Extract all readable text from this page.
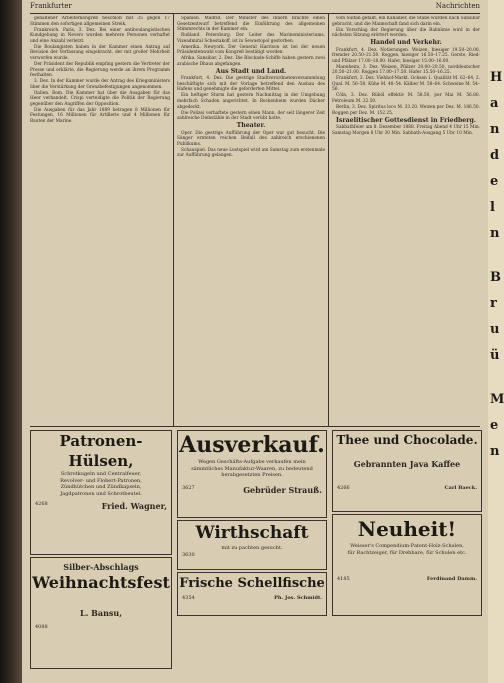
Frankfurter	Nachrichten

gehaltener Arbeiterkongreß beschloß mit 35 gegen 17 Stimmen den sofortigen allgemeinen Streik.

Frankreich. Paris, 3. Dez. Bei einer antiboulangistischen Kundgebung in Nevers wurden mehrere Personen verhaftet und eine Anzahl verletzt.

Die Boulangisten haben in der Kammer einen Antrag auf Revision der Verfassung eingebracht, der mit großer Mehrheit verworfen wurde.

Der Präsident der Republik empfing gestern die Vertreter der Presse und erklärte, die Regierung werde an ihrem Programm festhalten.

3. Dez. In der Kammer wurde der Antrag des Kriegsministers über die Verstärkung der Grenzbefestigungen angenommen.

Italien. Rom. Die Kammer hat über die Ausgaben für das Heer verhandelt. Crispi verteidigte die Politik der Regierung gegenüber den Angriffen der Opposition.

Die Ausgaben für das Jahr 1889 betragen 8 Millionen für Festungen, 16 Millionen für Artillerie und 4 Millionen für Bauten der Marine.

Spanien. Madrid. Der Minister des Innern brachte einen Gesetzentwurf betreffend die Einführung des allgemeinen Stimmrechts in der Kammer ein.

Rußland. Petersburg. Der Leiter des Marineministeriums, Vizeadmiral Schestakoff, ist in Sewastopol gestorben.

Amerika. Newyork. Der General Harrison ist bei der neuen Präsidentenwahl vom Kongreß bestätigt worden.

Afrika. Sansibar, 2. Dez. Die Blockade-Schiffe haben gestern zwei arabische Dhaus abgefangen.

Aus Stadt und Land.

Frankfurt, 4. Dez. Die gestrige Stadtverordnetenversammlung beschäftigte sich mit der Vorlage betreffend den Ausbau des Hafens und genehmigte die geforderten Mittel.

Ein heftiger Sturm hat gestern Nachmittag in der Umgebung mehrfach Schaden angerichtet. In Bockenheim wurden Dächer abgedeckt.

Die Polizei verhaftete gestern einen Mann, der seit längerer Zeit zahlreiche Diebstähle in der Stadt verübt hatte.

Theater.

Oper. Die gestrige Aufführung der Oper war gut besucht. Die Sänger ernteten reichen Beifall des zahlreich erschienenen Publikums.

Schauspiel. Das neue Lustspiel wird am Samstag zum erstenmale zur Aufführung gelangen.

vom Sultan gefällt, ein Kanadier, die Stabe wurden nach Sansibar gebracht, und die Mannschaft fand sich darin ein.

Ein Vorschlag der Regierung über die Bahnlinie wird in der nächsten Sitzung erörtert werden.

Handel und Verkehr.

Frankfurt, 4. Dez. Notierungen. Weizen, hiesiger 19.50–20.00, fremder 20.50–21.50. Roggen, hiesiger 16.50–17.25. Gerste, Ried- und Pfälzer 17.00–18.00. Hafer, hiesiger 15.00–16.00.

Mannheim, 3. Dez. Weizen, Pfälzer 20.00–20.50, norddeutscher 20.50–21.00. Roggen 17.00–17.50. Hafer 15.50–16.25.

Frankfurt, 3. Dez. Viehhof-Markt. Ochsen 1. Qualität M. 62–64, 2. Qual. M. 56–58. Kühe M. 48–54. Kälber M. 58–64. Schweine M. 54–56.

Cöln, 3. Dez. Rüböl effektiv M. 58.50, per Mai M. 56.80. Petroleum M. 22.50.

Berlin, 3. Dez. Spiritus loco M. 33.20. Weizen per Dez. M. 186.50. Roggen per Dez. M. 152.25.

Israelitischer Gottesdienst in Friedberg.

Sabbathfeier am 8. Dezember 1888. Freitag Abend 4 Uhr 15 Min. Samstag Morgen 8 Uhr 30 Min. Sabbath-Ausgang 5 Uhr 10 Min.

Patronen-Hülsen,
Schrotkugeln und Centralfeuer,
Revolver- und Flobert-Patronen,
Zündhütchen und Zündkapseln,
Jagdpatronen und Schrotbeutel.
4268	Fried. Wagner,
Silber-Abschlags
Weihnachtsfest
L. Bansu,
4088
Ausverkauf.
Wegen Geschäfts-Aufgabe verkaufen mein sämmtliches Manufaktur-Waaren, zu bedeutend herabgesetzten Preisen.
3627	Gebrüder Strauß.
Wirthschaft
mit zu pachten gesucht.
3630
Frische Schellfische
4354	Ph. Jos. Schmidt.
Thee und Chocolade.
Gebrannten Java Kaffee
4266	Carl Baeck.
Neuheit!
Weisser's Compendium-Patent-Holz-Schalen,
für Rachtzeiger, für Drehbare, für Schulen etc.
4185	Ferdinand Damm.
H
a
n
d
e
l
n
B
r
u
ü
M
e
n
